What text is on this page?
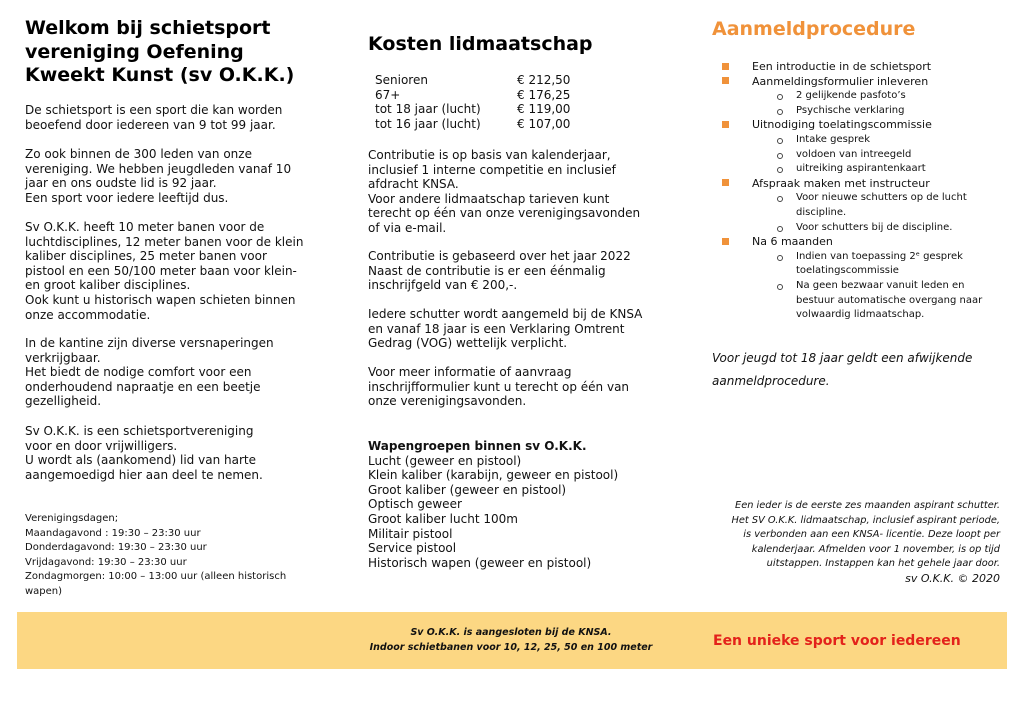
Welkom bij schietsport
vereniging Oefening
Kweekt Kunst (sv O.K.K.)
De schietsport is een sport die kan worden
beoefend door iedereen van 9 tot 99 jaar.
Zo ook binnen de 300 leden van onze
vereniging. We hebben jeugdleden vanaf 10
jaar en ons oudste lid is 92 jaar.
Een sport voor iedere leeftijd dus.
Sv O.K.K. heeft 10 meter banen voor de
luchtdisciplines, 12 meter banen voor de klein
kaliber disciplines, 25 meter banen voor
pistool en een 50/100 meter baan voor klein-
en groot kaliber disciplines.
Ook kunt u historisch wapen schieten binnen
onze accommodatie.
In de kantine zijn diverse versnaperingen
verkrijgbaar.
Het biedt de nodige comfort voor een
onderhoudend napraatje en een beetje
gezelligheid.
Sv O.K.K. is een schietsportvereniging
voor en door vrijwilligers.
U wordt als (aankomend) lid van harte
aangemoedigd hier aan deel te nemen.
Verenigingsdagen;
Maandagavond : 19:30 – 23:30 uur
Donderdagavond: 19:30 – 23:30 uur
Vrijdagavond: 19:30 – 23:30 uur
Zondagmorgen: 10:00 – 13:00 uur (alleen historisch
wapen)
Kosten lidmaatschap
Senioren	€ 212,50
67+	€ 176,25
tot 18 jaar (lucht)	€ 119,00
tot 16 jaar (lucht)	€ 107,00
Contributie is op basis van kalenderjaar,
inclusief 1 interne competitie en inclusief
afdracht KNSA.
Voor andere lidmaatschap tarieven kunt
terecht op één van onze verenigingsavonden
of via e-mail.
Contributie is gebaseerd over het jaar 2022
Naast de contributie is er een éénmalig
inschrijfgeld van € 200,-.
Iedere schutter wordt aangemeld bij de KNSA
en vanaf 18 jaar is een Verklaring Omtrent
Gedrag (VOG) wettelijk verplicht.
Voor meer informatie of aanvraag
inschrijfformulier kunt u terecht op één van
onze verenigingsavonden.
Wapengroepen binnen sv O.K.K.
Lucht (geweer en pistool)
Klein kaliber (karabijn, geweer en pistool)
Groot kaliber (geweer en pistool)
Optisch geweer
Groot kaliber lucht 100m
Militair pistool
Service pistool
Historisch wapen (geweer en pistool)
Aanmeldprocedure
Een introductie in de schietsport
Aanmeldingsformulier inleveren
2 gelijkende pasfoto’s
Psychische verklaring
Uitnodiging toelatingscommissie
Intake gesprek
voldoen van intreegeld
uitreiking aspirantenkaart
Afspraak maken met instructeur
Voor nieuwe schutters op de lucht
discipline.
Voor schutters bij de discipline.
Na 6 maanden
Indien van toepassing 2ᵉ gesprek
toelatingscommissie
Na geen bezwaar vanuit leden en
bestuur automatische overgang naar
volwaardig lidmaatschap.
Voor jeugd tot 18 jaar geldt een afwijkende
aanmeldprocedure.
Een ieder is de eerste zes maanden aspirant schutter.
Het SV O.K.K. lidmaatschap, inclusief aspirant periode,
is verbonden aan een KNSA- licentie. Deze loopt per
kalenderjaar. Afmelden voor 1 november, is op tijd
uitstappen. Instappen kan het gehele jaar door.
sv O.K.K. © 2020
Sv O.K.K. is aangesloten bij de KNSA.
Indoor schietbanen voor 10, 12, 25, 50 en 100 meter	Een unieke sport voor iedereen
